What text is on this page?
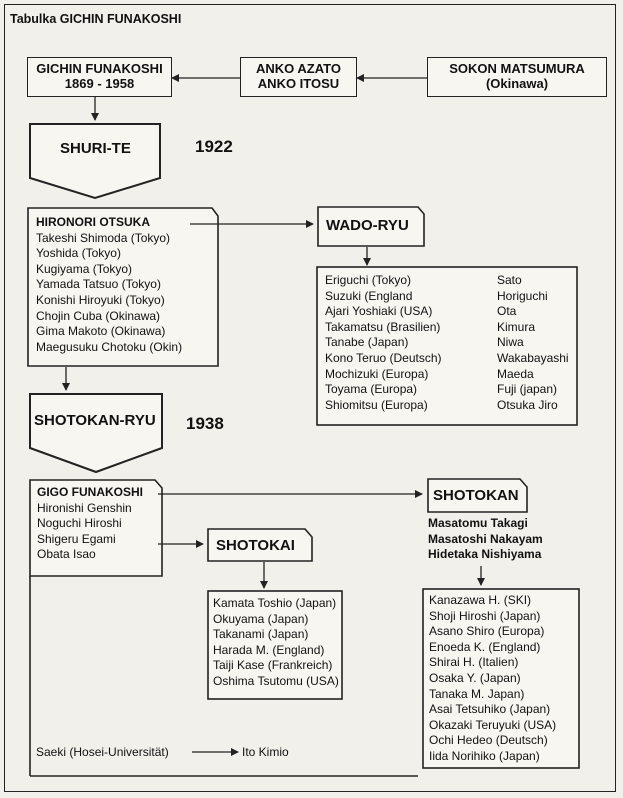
Tabulka GICHIN FUNAKOSHI
GICHIN FUNAKOSHI
1869 - 1958
ANKO AZATO
ANKO ITOSU
SOKON MATSUMURA
(Okinawa)
SHURI-TE	1922
HIRONORI OTSUKA
Takeshi Shimoda (Tokyo)
Yoshida (Tokyo)
Kugiyama (Tokyo)
Yamada Tatsuo (Tokyo)
Konishi Hiroyuki (Tokyo)
Chojin Cuba (Okinawa)
Gima Makoto (Okinawa)
Maegusuku Chotoku (Okin)
WADO-RYU
Eriguchi (Tokyo)
Suzuki (England
Ajari Yoshiaki (USA)
Takamatsu (Brasilien)
Tanabe (Japan)
Kono Teruo (Deutsch)
Mochizuki (Europa)
Toyama (Europa)
Shiomitsu (Europa)
Sato
Horiguchi
Ota
Kimura
Niwa
Wakabayashi
Maeda
Fuji (japan)
Otsuka Jiro
SHOTOKAN-RYU 1938
GIGO FUNAKOSHI
Hironishi Genshin
Noguchi Hiroshi
Shigeru Egami
Obata Isao
SHOTOKAN
Masatomu Takagi
Masatoshi Nakayam
Hidetaka Nishiyama
SHOTOKAI
Kamata Toshio (Japan)
Okuyama (Japan)
Takanami (Japan)
Harada M. (England)
Taiji Kase (Frankreich)
Oshima Tsutomu (USA)
Kanazawa H. (SKI)
Shoji Hiroshi (Japan)
Asano Shiro (Europa)
Enoeda K. (England)
Shirai H. (Italien)
Osaka Y. (Japan)
Tanaka M. Japan)
Asai Tetsuhiko (Japan)
Okazaki Teruyuki (USA)
Ochi Hedeo (Deutsch)
Iida Norihiko (Japan)
Saeki (Hosei-Universität)	Ito Kimio
